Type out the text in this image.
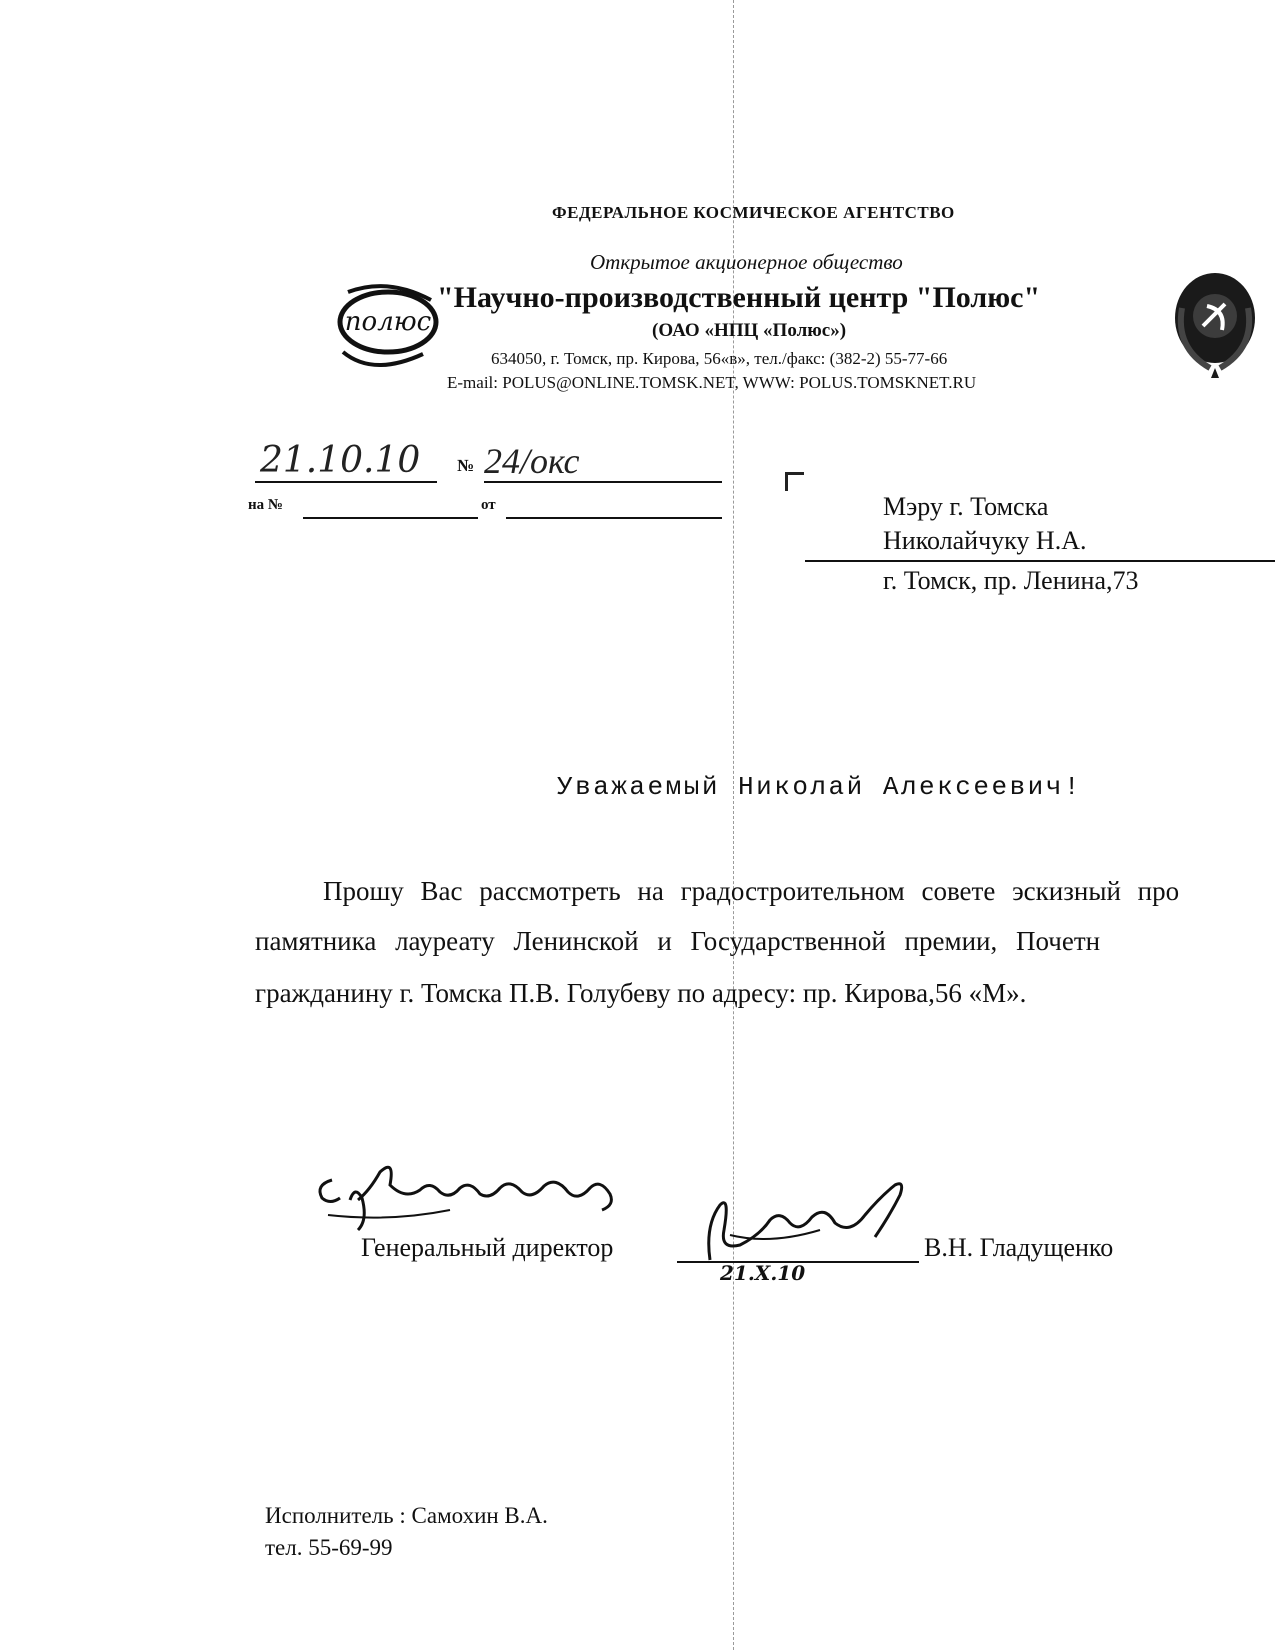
полюс
ФЕДЕРАЛЬНОЕ КОСМИЧЕСКОЕ АГЕНТСТВО
Открытое акционерное общество
"Научно-производственный центр "Полюс"
(ОАО «НПЦ «Полюс»)
634050, г. Томск, пр. Кирова, 56«в», тел./факс: (382-2) 55-77-66
E-mail: POLUS@ONLINE.TOMSK.NET, WWW: POLUS.TOMSKNET.RU
21.10.10 № 24/окс
на №	от	Мэру г. Томска
Николайчуку Н.А.
г. Томск, пр. Ленина,73
Уважаемый Николай Алексеевич!
Прошу Вас рассмотреть на градостроительном совете эскизный про
памятника лауреату Ленинской и Государственной премии, Почетн
гражданину г. Томска П.В. Голубеву по адресу: пр. Кирова,56 «М».
Генеральный директор
21.X.10
В.Н. Гладущенко
Исполнитель : Самохин В.А.
тел. 55-69-99
